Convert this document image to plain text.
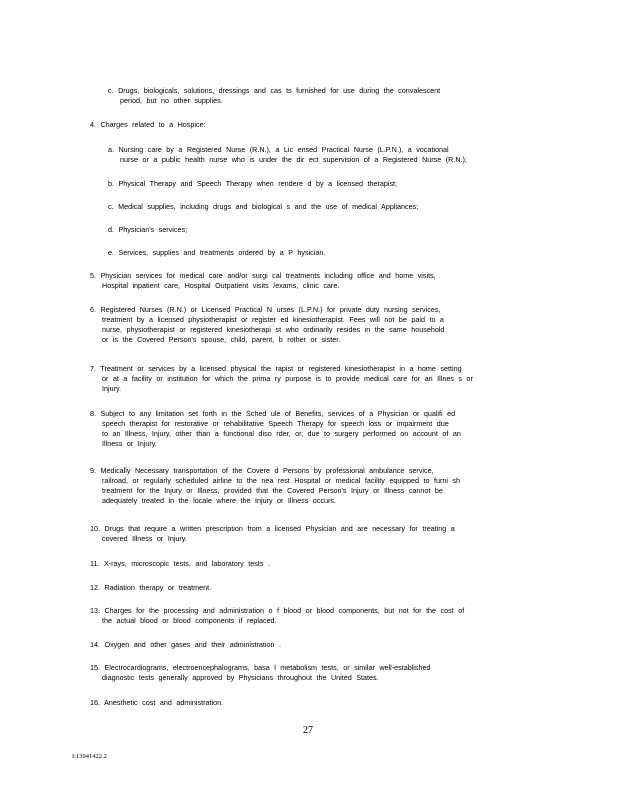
c. Drugs, biologicals, solutions, dressings and cas ts furnished for use during the convalescent

period, but no other supplies.

4. Charges related to a Hospice:

a. Nursing care by a Registered Nurse (R.N.), a Lic ensed Practical Nurse (L.P.N.), a vocational

nurse or a public health nurse who is under the dir ect supervision of a Registered Nurse (R.N.);

b. Physical Therapy and Speech Therapy when rendere d by a licensed therapist;

c. Medical supplies, including drugs and biological s and the use of medical Appliances;

d. Physician's services;

e. Services, supplies and treatments ordered by a P hysician.

5. Physician services for medical care and/or surgi cal treatments including office and home visits,

Hospital inpatient care, Hospital Outpatient visits /exams, clinic care.

6. Registered Nurses (R.N.) or Licensed Practical N urses (L.P.N.) for private duty nursing services,

treatment by a licensed physiotherapist or register ed kinesiotherapist. Fees will not be paid to a

nurse, physiotherapist or registered kinesiotherapi st who ordinarily resides in the same household

or is the Covered Person's spouse, child, parent, b rother or sister.

7. Treatment or services by a licensed physical the rapist or registered kinesiotherapist in a home setting

or at a facility or institution for which the prima ry purpose is to provide medical care for an Illnes s or

Injury.

8. Subject to any limitation set forth in the Sched ule of Benefits, services of a Physician or qualifi ed

speech therapist for restorative or rehabilitative Speech Therapy for speech loss or impairment due

to an Illness, Injury, other than a functional diso rder, or, due to surgery performed on account of an

Illness or Injury.

9. Medically Necessary transportation of the Covere d Persons by professional ambulance service,

railroad, or regularly scheduled airline to the nea rest Hospital or medical facility equipped to furni sh

treatment for the Injury or Illness, provided that the Covered Person's Injury or Illness cannot be

adequately treated in the locale where the Injury or Illness occurs.

10. Drugs that require a written prescription from a licensed Physician and are necessary for treating a

covered Illness or Injury.

11. X-rays, microscopic tests, and laboratory tests .

12. Radiation therapy or treatment.

13. Charges for the processing and administration o f blood or blood components, but not for the cost of

the actual blood or blood components if replaced.

14. Oxygen and other gases and their administration .

15. Electrocardiograms, electroencephalograms, basa l metabolism tests, or similar well-established

diagnostic tests generally approved by Physicians throughout the United States.

16. Anesthetic cost and administration.

27
I:13941422.2
